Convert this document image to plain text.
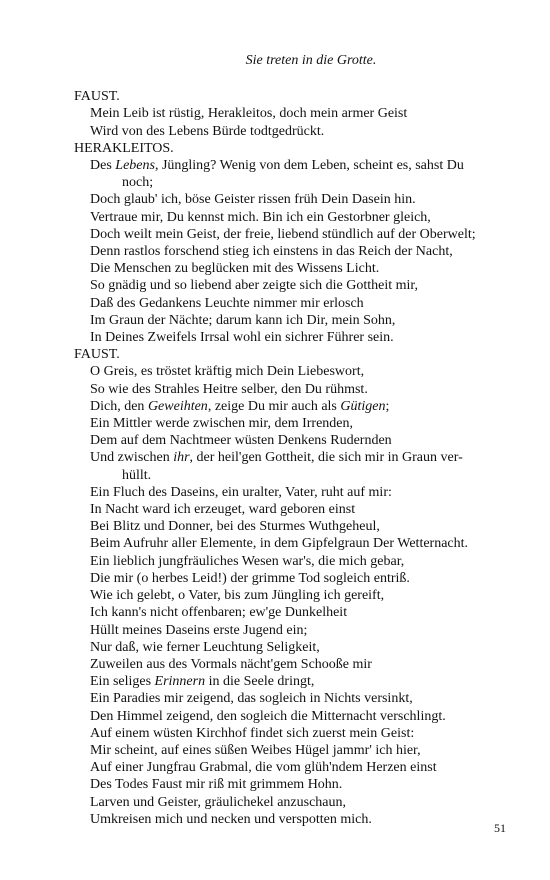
Sie treten in die Grotte.

FAUST.

Mein Leib ist rüstig, Herakleitos, doch mein armer Geist

Wird von des Lebens Bürde todtgedrückt.

HERAKLEITOS.

Des Lebens, Jüngling? Wenig von dem Leben, scheint es, sahst Du
noch;

Doch glaub' ich, böse Geister rissen früh Dein Dasein hin.

Vertraue mir, Du kennst mich. Bin ich ein Gestorbner gleich,

Doch weilt mein Geist, der freie, liebend stündlich auf der Oberwelt;

Denn rastlos forschend stieg ich einstens in das Reich der Nacht,

Die Menschen zu beglücken mit des Wissens Licht.

So gnädig und so liebend aber zeigte sich die Gottheit mir,

Daß des Gedankens Leuchte nimmer mir erlosch

Im Graun der Nächte; darum kann ich Dir, mein Sohn,

In Deines Zweifels Irrsal wohl ein sichrer Führer sein.

FAUST.

O Greis, es tröstet kräftig mich Dein Liebeswort,

So wie des Strahles Heitre selber, den Du rühmst.

Dich, den Geweihten, zeige Du mir auch als Gütigen;

Ein Mittler werde zwischen mir, dem Irrenden,

Dem auf dem Nachtmeer wüsten Denkens Rudernden

Und zwischen ihr, der heil'gen Gottheit, die sich mir in Graun ver-
hüllt.

Ein Fluch des Daseins, ein uralter, Vater, ruht auf mir:

In Nacht ward ich erzeuget, ward geboren einst

Bei Blitz und Donner, bei des Sturmes Wuthgeheul,

Beim Aufruhr aller Elemente, in dem Gipfelgraun Der Wetternacht.

Ein lieblich jungfräuliches Wesen war's, die mich gebar,

Die mir (o herbes Leid!) der grimme Tod sogleich entriß.

Wie ich gelebt, o Vater, bis zum Jüngling ich gereift,

Ich kann's nicht offenbaren; ew'ge Dunkelheit

Hüllt meines Daseins erste Jugend ein;

Nur daß, wie ferner Leuchtung Seligkeit,

Zuweilen aus des Vormals nächt'gem Schooße mir

Ein seliges Erinnern in die Seele dringt,

Ein Paradies mir zeigend, das sogleich in Nichts versinkt,

Den Himmel zeigend, den sogleich die Mitternacht verschlingt.

Auf einem wüsten Kirchhof findet sich zuerst mein Geist:

Mir scheint, auf eines süßen Weibes Hügel jammr' ich hier,

Auf einer Jungfrau Grabmal, die vom glüh'ndem Herzen einst

Des Todes Faust mir riß mit grimmem Hohn.

Larven und Geister, gräulichekel anzuschaun,

Umkreisen mich und necken und verspotten mich.

51
